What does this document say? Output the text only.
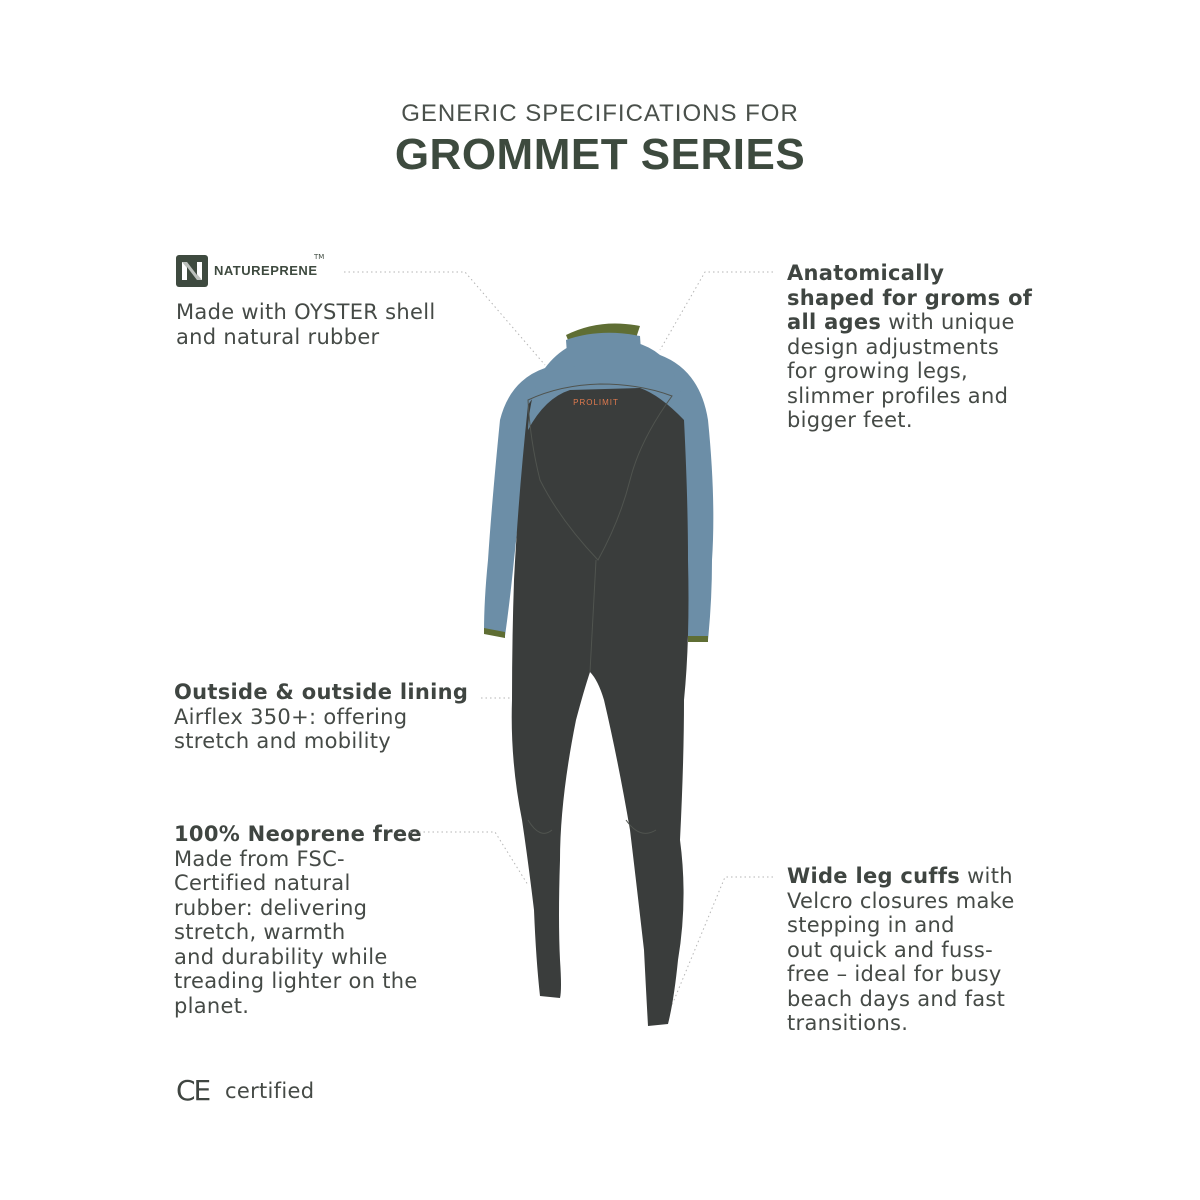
GENERIC SPECIFICATIONS FOR
GROMMET SERIES
NATUREPRENE
TM
Made with OYSTER shell
and natural rubber
Anatomically
shaped for groms of
all ages with unique
design adjustments
for growing legs,
slimmer profiles and
bigger feet.
Outside & outside lining
Airflex 350+: offering
stretch and mobility
100% Neoprene free
Made from FSC-
Certified natural
rubber: delivering
stretch, warmth
and durability while
treading lighter on the
planet.
Wide leg cuffs with
Velcro closures make
stepping in and
out quick and fuss-
free – ideal for busy
beach days and fast
transitions.
CE certified
PROLIMIT
